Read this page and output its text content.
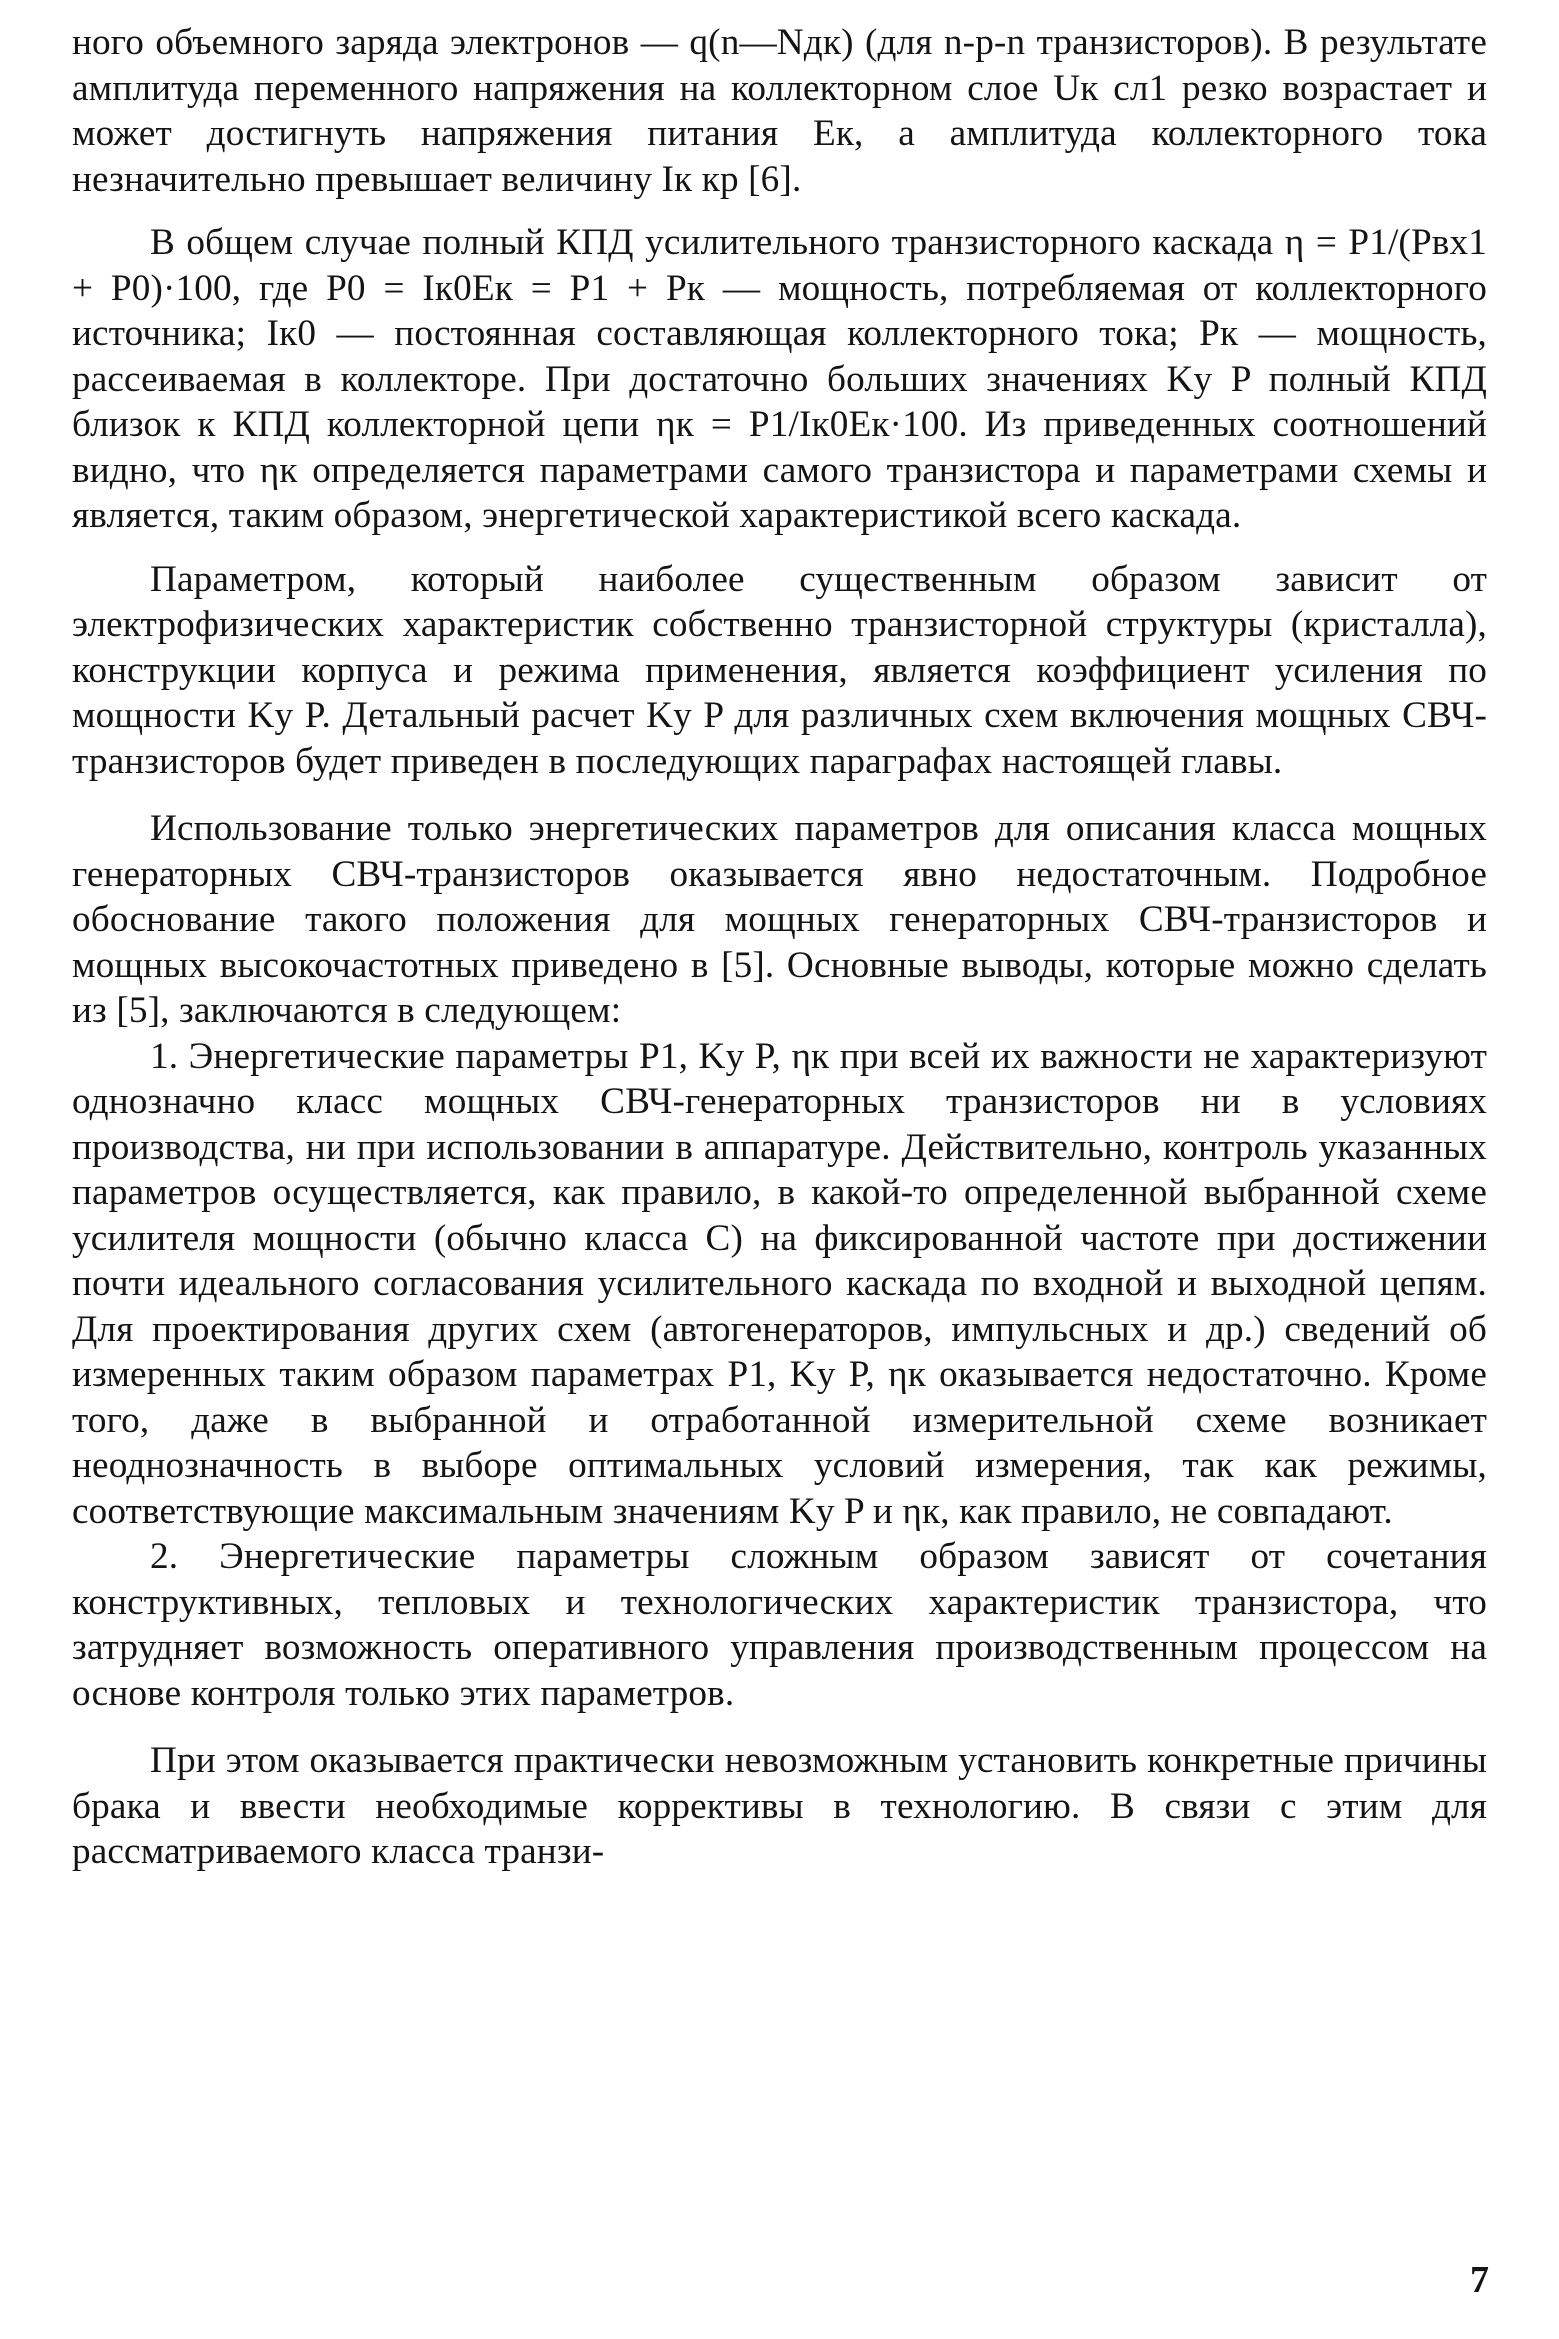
ного объемного заряда электронов — q(n—Nдк) (для n-p-n транзисторов). В результате амплитуда переменного напряжения на коллекторном слое Uк сл1 резко возрастает и может достигнуть напряжения питания Eк, а амплитуда коллекторного тока незначительно превышает величину Iк кр [6].

В общем случае полный КПД усилительного транзисторного каскада η = P1/(Pвх1 + P0)·100, где P0 = Iк0Eк = P1 + Pк — мощность, потребляемая от коллекторного источника; Iк0 — постоянная составляющая коллекторного тока; Pк — мощность, рассеиваемая в коллекторе. При достаточно больших значениях Kу P полный КПД близок к КПД коллекторной цепи ηк = P1/Iк0Eк·100. Из приведенных соотношений видно, что ηк определяется параметрами самого транзистора и параметрами схемы и является, таким образом, энергетической характеристикой всего каскада.

Параметром, который наиболее существенным образом зависит от электрофизических характеристик собственно транзисторной структуры (кристалла), конструкции корпуса и режима применения, является коэффициент усиления по мощности Kу P. Детальный расчет Kу P для различных схем включения мощных СВЧ-транзисторов будет приведен в последующих параграфах настоящей главы.

Использование только энергетических параметров для описания класса мощных генераторных СВЧ-транзисторов оказывается явно недостаточным. Подробное обоснование такого положения для мощных генераторных СВЧ-транзисторов и мощных высокочастотных приведено в [5]. Основные выводы, которые можно сделать из [5], заключаются в следующем:

1. Энергетические параметры P1, Kу P, ηк при всей их важности не характеризуют однозначно класс мощных СВЧ-генераторных транзисторов ни в условиях производства, ни при использовании в аппаратуре. Действительно, контроль указанных параметров осуществляется, как правило, в какой-то определенной выбранной схеме усилителя мощности (обычно класса C) на фиксированной частоте при достижении почти идеального согласования усилительного каскада по входной и выходной цепям. Для проектирования других схем (автогенераторов, импульсных и др.) сведений об измеренных таким образом параметрах P1, Kу P, ηк оказывается недостаточно. Кроме того, даже в выбранной и отработанной измерительной схеме возникает неоднозначность в выборе оптимальных условий измерения, так как режимы, соответствующие максимальным значениям Kу P и ηк, как правило, не совпадают.

2. Энергетические параметры сложным образом зависят от сочетания конструктивных, тепловых и технологических характеристик транзистора, что затрудняет возможность оперативного управления производственным процессом на основе контроля только этих параметров.

При этом оказывается практически невозможным установить конкретные причины брака и ввести необходимые коррективы в технологию. В связи с этим для рассматриваемого класса транзи-

7
